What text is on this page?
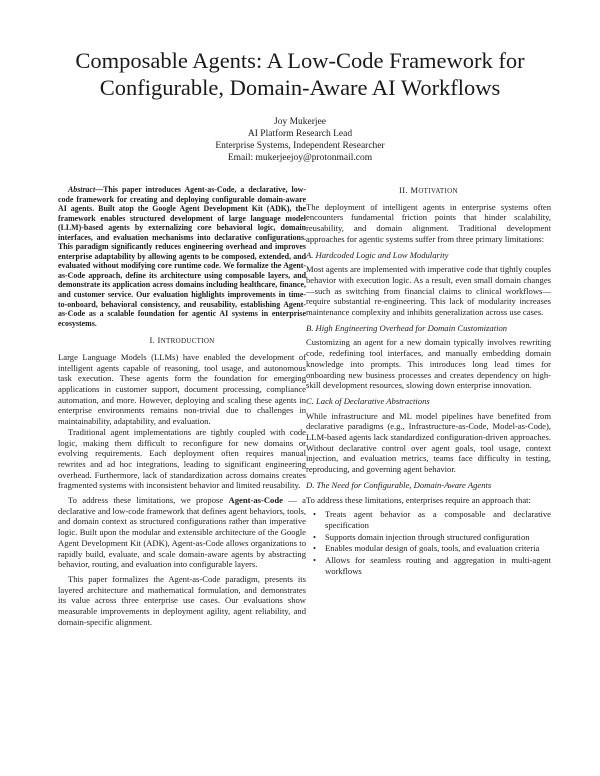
Composable Agents: A Low-Code Framework for Configurable, Domain-Aware AI Workflows
Joy Mukerjee
AI Platform Research Lead
Enterprise Systems, Independent Researcher
Email: mukerjeejoy@protonmail.com

Abstract—This paper introduces Agent-as-Code, a declarative, low-code framework for creating and deploying configurable domain-aware AI agents. Built atop the Google Agent Development Kit (ADK), the framework enables structured development of large language model (LLM)-based agents by externalizing core behavioral logic, domain interfaces, and evaluation mechanisms into declarative configurations. This paradigm significantly reduces engineering overhead and improves enterprise adaptability by allowing agents to be composed, extended, and evaluated without modifying core runtime code. We formalize the Agent-as-Code approach, define its architecture using composable layers, and demonstrate its application across domains including healthcare, finance, and customer service. Our evaluation highlights improvements in time-to-onboard, behavioral consistency, and reusability, establishing Agent-as-Code as a scalable foundation for agentic AI systems in enterprise ecosystems.

I. INTRODUCTION

Large Language Models (LLMs) have enabled the development of intelligent agents capable of reasoning, tool usage, and autonomous task execution. These agents form the foundation for emerging applications in customer support, document processing, compliance automation, and more. However, deploying and scaling these agents in enterprise environments remains non-trivial due to challenges in maintainability, adaptability, and evaluation.

Traditional agent implementations are tightly coupled with code logic, making them difficult to reconfigure for new domains or evolving requirements. Each deployment often requires manual rewrites and ad hoc integrations, leading to significant engineering overhead. Furthermore, lack of standardization across domains creates fragmented systems with inconsistent behavior and limited reusability.

To address these limitations, we propose Agent-as-Code — a declarative and low-code framework that defines agent behaviors, tools, and domain context as structured configurations rather than imperative logic. Built upon the modular and extensible architecture of the Google Agent Development Kit (ADK), Agent-as-Code allows organizations to rapidly build, evaluate, and scale domain-aware agents by abstracting behavior, routing, and evaluation into configurable layers.

This paper formalizes the Agent-as-Code paradigm, presents its layered architecture and mathematical formulation, and demonstrates its value across three enterprise use cases. Our evaluations show measurable improvements in deployment agility, agent reliability, and domain-specific alignment.

II. MOTIVATION

The deployment of intelligent agents in enterprise systems often encounters fundamental friction points that hinder scalability, reusability, and domain alignment. Traditional development approaches for agentic systems suffer from three primary limitations:

A. Hardcoded Logic and Low Modularity

Most agents are implemented with imperative code that tightly couples behavior with execution logic. As a result, even small domain changes—such as switching from financial claims to clinical workflows—require substantial re-engineering. This lack of modularity increases maintenance complexity and inhibits generalization across use cases.

B. High Engineering Overhead for Domain Customization

Customizing an agent for a new domain typically involves rewriting code, redefining tool interfaces, and manually embedding domain knowledge into prompts. This introduces long lead times for onboarding new business processes and creates dependency on high-skill development resources, slowing down enterprise innovation.

C. Lack of Declarative Abstractions

While infrastructure and ML model pipelines have benefited from declarative paradigms (e.g., Infrastructure-as-Code, Model-as-Code), LLM-based agents lack standardized configuration-driven approaches. Without declarative control over agent goals, tool usage, context injection, and evaluation metrics, teams face difficulty in testing, reproducing, and governing agent behavior.

D. The Need for Configurable, Domain-Aware Agents

To address these limitations, enterprises require an approach that:

• Treats agent behavior as a composable and declarative specification
• Supports domain injection through structured configuration
• Enables modular design of goals, tools, and evaluation criteria
• Allows for seamless routing and aggregation in multi-agent workflows
